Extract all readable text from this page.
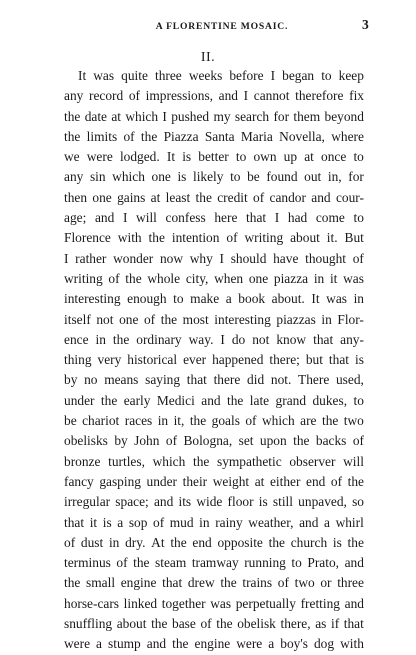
A FLORENTINE MOSAIC.	3
II.
It was quite three weeks before I began to keep
any record of impressions, and I cannot therefore fix
the date at which I pushed my search for them beyond
the limits of the Piazza Santa Maria Novella, where
we were lodged. It is better to own up at once to
any sin which one is likely to be found out in, for
then one gains at least the credit of candor and cour-
age; and I will confess here that I had come to
Florence with the intention of writing about it. But
I rather wonder now why I should have thought of
writing of the whole city, when one piazza in it was
interesting enough to make a book about. It was in
itself not one of the most interesting piazzas in Flor-
ence in the ordinary way. I do not know that any-
thing very historical ever happened there; but that is
by no means saying that there did not. There used,
under the early Medici and the late grand dukes, to
be chariot races in it, the goals of which are the two
obelisks by John of Bologna, set upon the backs of
bronze turtles, which the sympathetic observer will
fancy gasping under their weight at either end of the
irregular space; and its wide floor is still unpaved, so
that it is a sop of mud in rainy weather, and a whirl
of dust in dry. At the end opposite the church is the
terminus of the steam tramway running to Prato, and
the small engine that drew the trains of two or three
horse-cars linked together was perpetually fretting and
snuffling about the base of the obelisk there, as if that
were a stump and the engine were a boy's dog with
